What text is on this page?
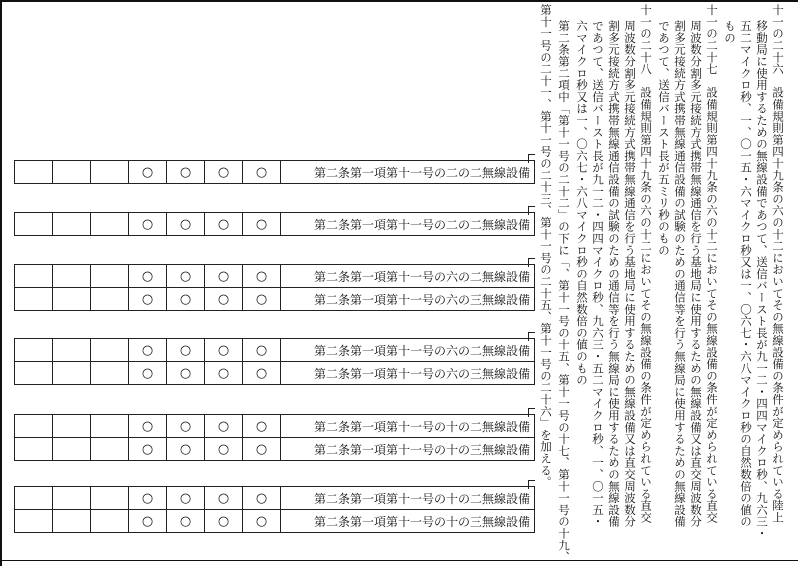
十一の二十六　設備規則第四十九条の六の十二においてその無線設備の条件が定められている陸上
移動局に使用するための無線設備であつて、送信バースト長が九一二・四四マイクロ秒、九六三・
五二マイクロ秒、一、〇一五・六マイクロ秒又は一、〇六七・六八マイクロ秒の自然数倍の値の
もの
十一の二十七　設備規則第四十九条の六の十二においてその無線設備の条件が定められている直交
周波数分割多元接続方式携帯無線通信を行う基地局に使用するための無線設備又は直交周波数分
割多元接続方式携帯無線通信設備の試験のための通信等を行う無線局に使用するための無線設備
であつて、送信バースト長が五ミリ秒のもの
十一の二十八　設備規則第四十九条の六の十二においてその無線設備の条件が定められている直交
周波数分割多元接続方式携帯無線通信を行う基地局に使用するための無線設備又は直交周波数分
割多元接続方式携帯無線通信設備の試験のための通信等を行う無線局に使用するための無線設備
であつて、送信バースト長が九一二・四四マイクロ秒、九六三・五二マイクロ秒、一、〇一五・
六マイクロ秒又は一、〇六七・六八マイクロ秒の自然数倍の値のもの
第二条第二項中「第十一号の二十二」の下に「、第十一号の十五、第十一号の十七、第十一号の十九、
第十一号の二十一、第十一号の二十三、第十一号の二十五、第十一号の二十六」を加える。
			○	○	○	○	第二条第一項第十一号の二の二無線設備
			○	○	○	○	第二条第一項第十一号の二の二無線設備
			○	○	○	○	第二条第一項第十一号の六の二無線設備
			○	○	○	○	第二条第一項第十一号の六の三無線設備
			○	○	○	○	第二条第一項第十一号の六の二無線設備
			○	○	○	○	第二条第一項第十一号の六の三無線設備
			○	○	○	○	第二条第一項第十一号の十の二無線設備
			○	○	○	○	第二条第一項第十一号の十の三無線設備
			○	○	○	○	第二条第一項第十一号の十の二無線設備
			○	○	○	○	第二条第一項第十一号の十の三無線設備
